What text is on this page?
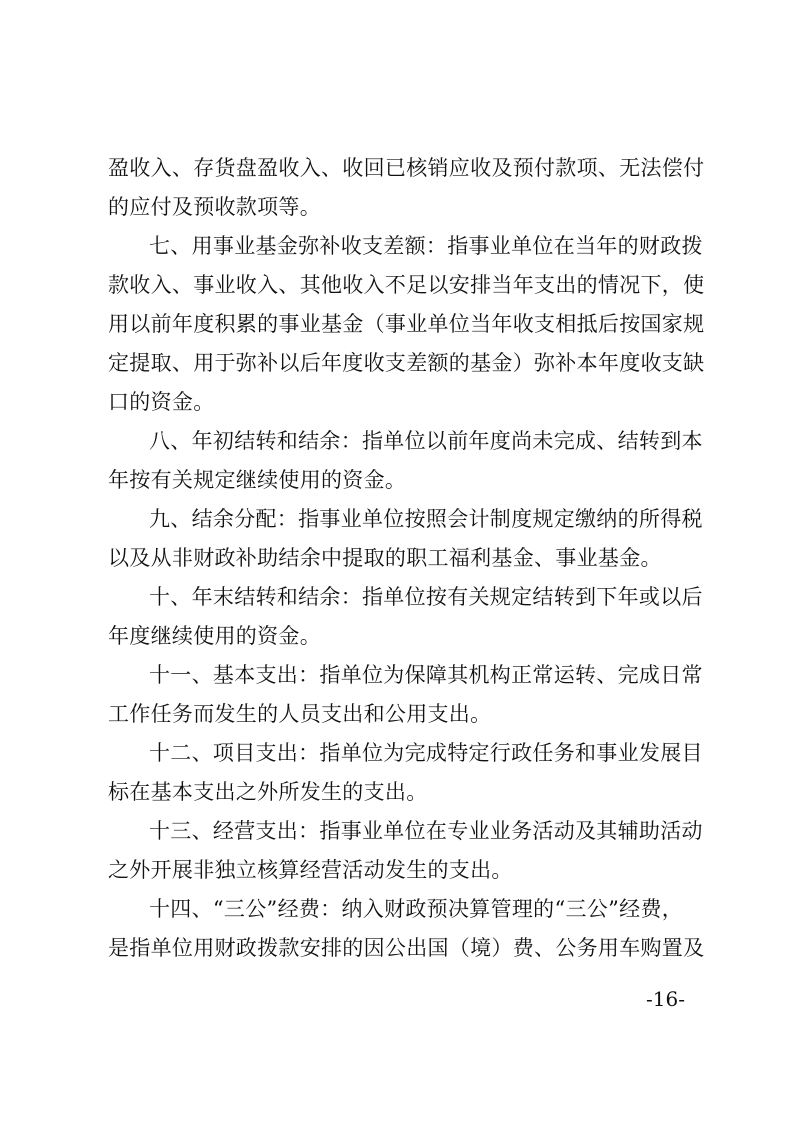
盈收入、存货盘盈收入、收回已核销应收及预付款项、无法偿付
的应付及预收款项等。
七、用事业基金弥补收支差额：指事业单位在当年的财政拨
款收入、事业收入、其他收入不足以安排当年支出的情况下，使
用以前年度积累的事业基金（事业单位当年收支相抵后按国家规
定提取、用于弥补以后年度收支差额的基金）弥补本年度收支缺
口的资金。
八、年初结转和结余：指单位以前年度尚未完成、结转到本
年按有关规定继续使用的资金。
九、结余分配：指事业单位按照会计制度规定缴纳的所得税
以及从非财政补助结余中提取的职工福利基金、事业基金。
十、年末结转和结余：指单位按有关规定结转到下年或以后
年度继续使用的资金。
十一、基本支出：指单位为保障其机构正常运转、完成日常
工作任务而发生的人员支出和公用支出。
十二、项目支出：指单位为完成特定行政任务和事业发展目
标在基本支出之外所发生的支出。
十三、经营支出：指事业单位在专业业务活动及其辅助活动
之外开展非独立核算经营活动发生的支出。
十四、“三公”经费：纳入财政预决算管理的“三公”经费，
是指单位用财政拨款安排的因公出国（境）费、公务用车购置及
-16-
